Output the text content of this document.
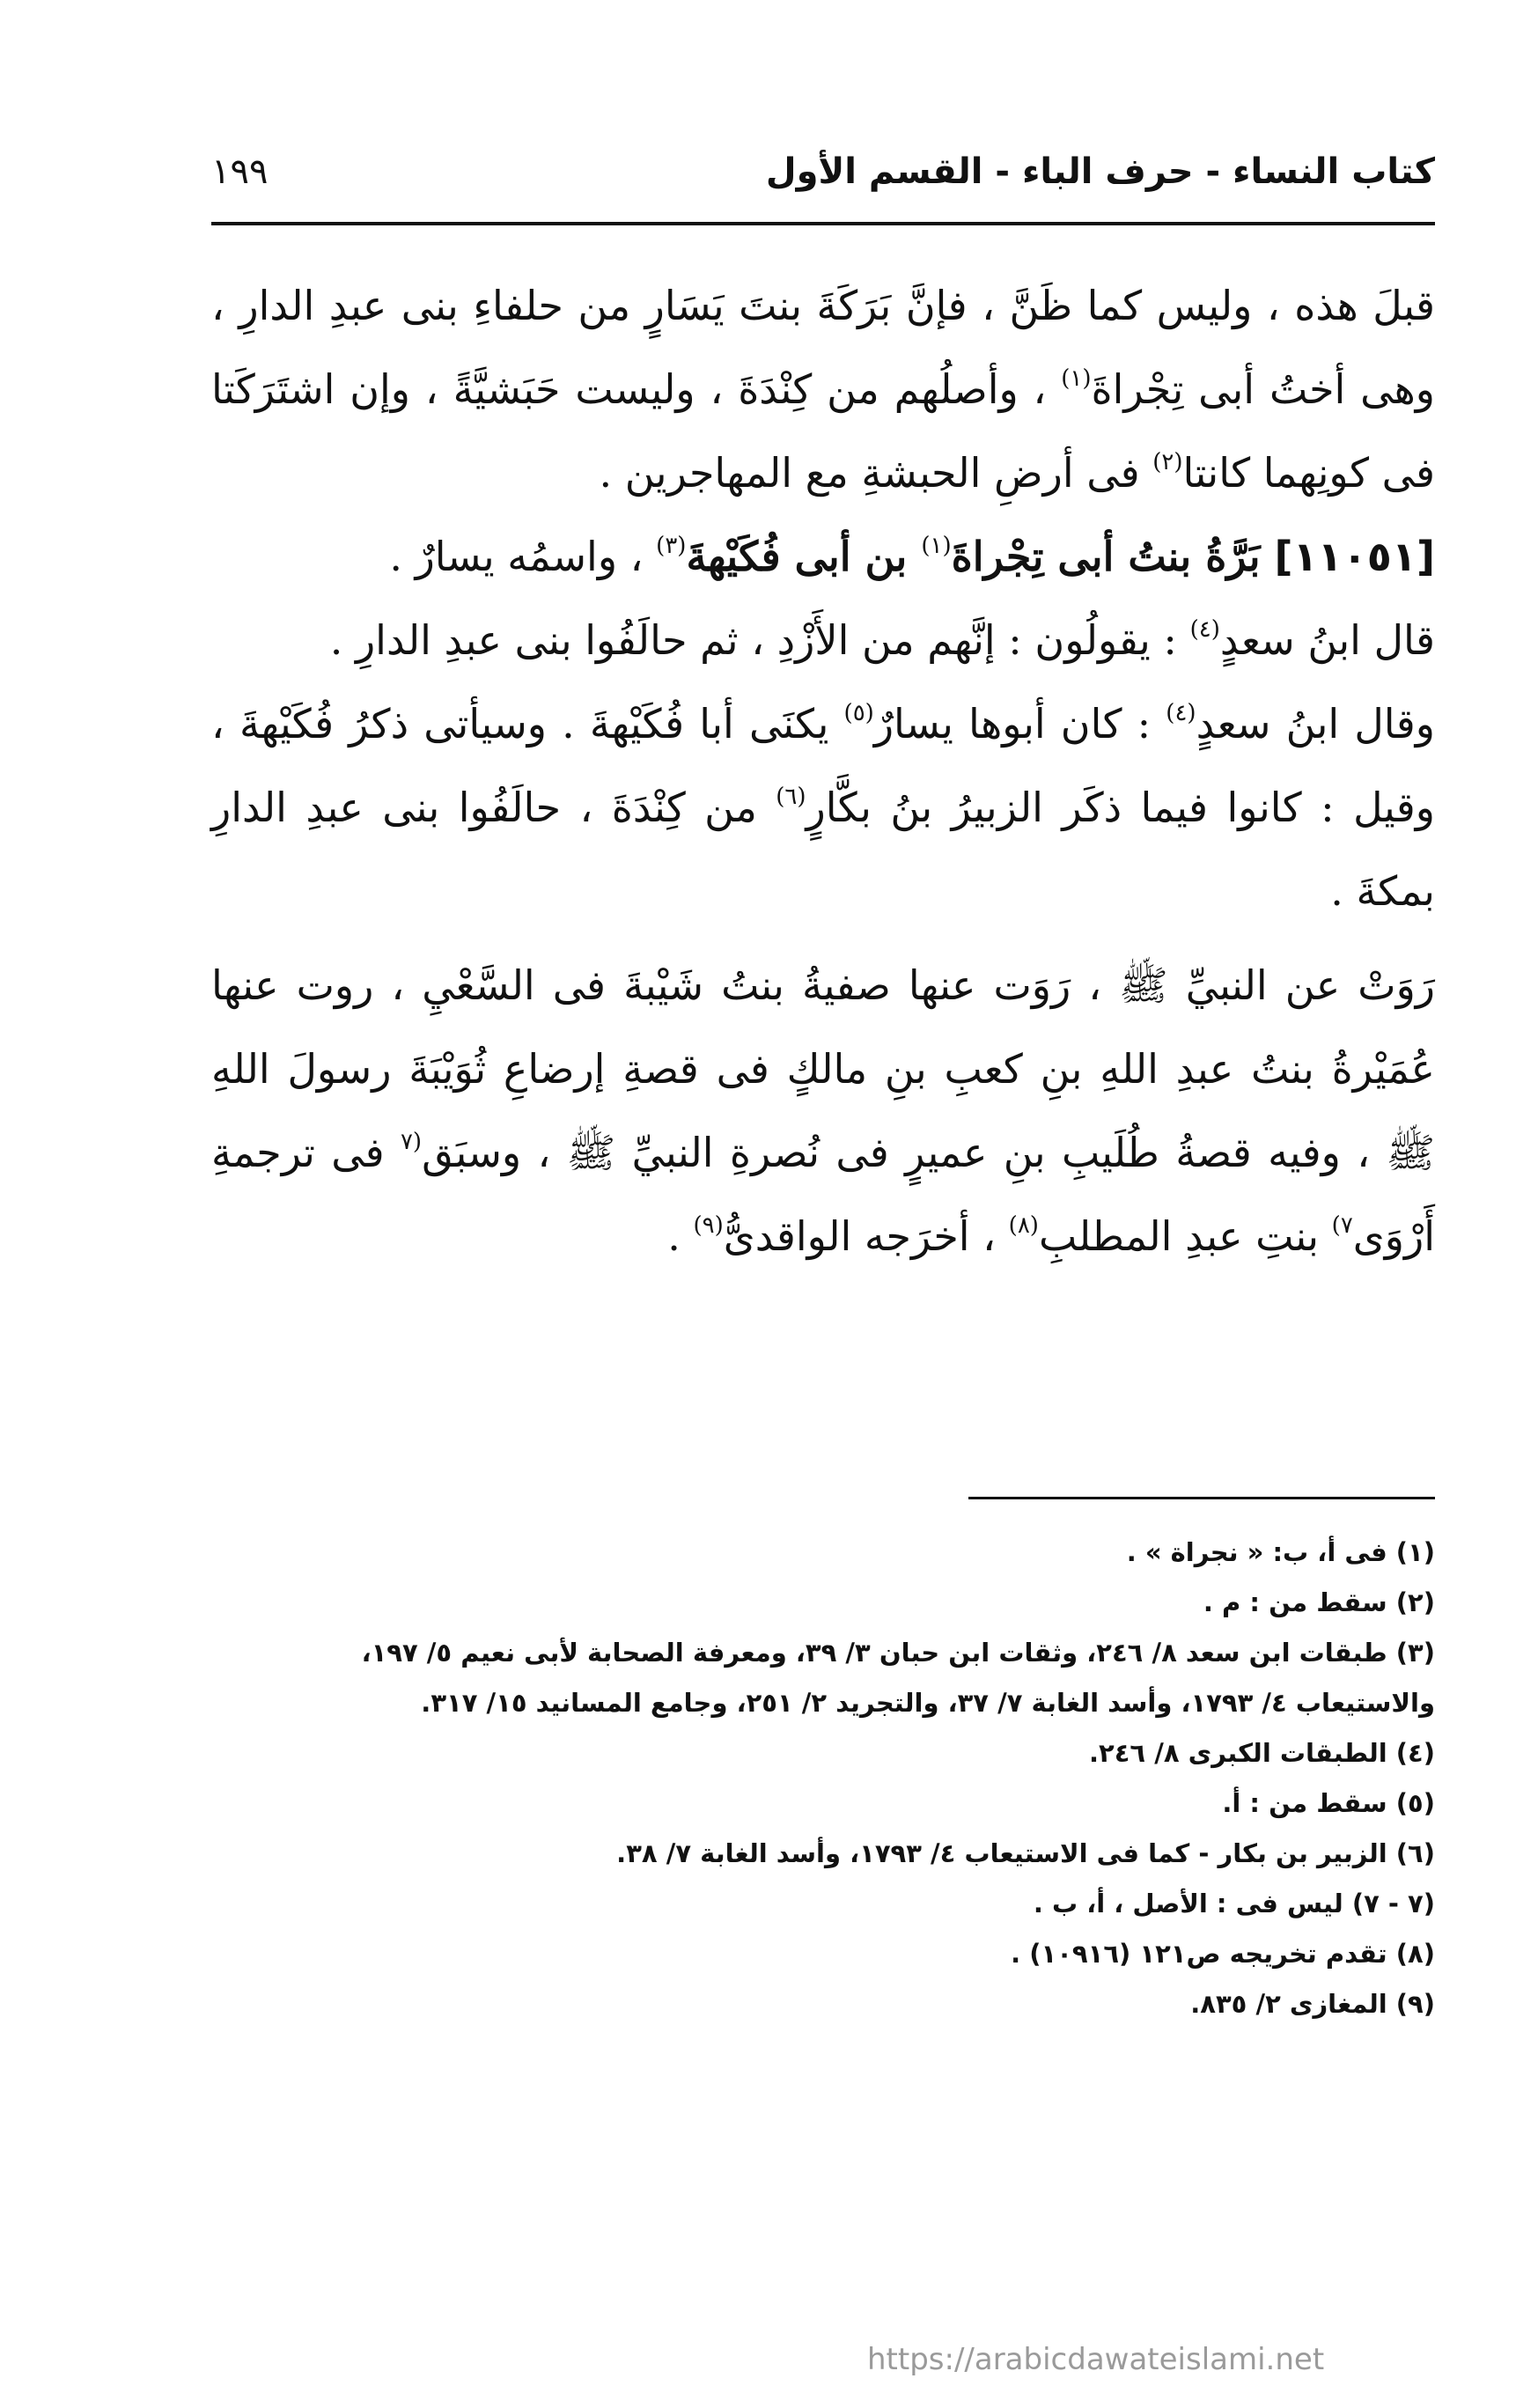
كتاب النساء - حرف الباء - القسم الأول
١٩٩

قبلَ هذه ، وليس كما ظَنَّ ، فإنَّ بَرَكَةَ بنتَ يَسَارٍ من حلفاءِ بنى عبدِ الدارِ ، وهى أختُ أبى تِجْراةَ$^{(١)}$ ، وأصلُهم من كِنْدَةَ ، وليست حَبَشيَّةً ، وإن اشتَرَكَتا فى كونِهما كانتا$^{(٢)}$ فى أرضِ الحبشةِ مع المهاجرين .

[١١٠٥١] بَرَّةُ بنتُ أبى تِجْراةَ$^{(١)}$ بن أبى فُكَيْهةَ$^{(٣)}$ ، واسمُه يسارٌ .

قال ابنُ سعدٍ$^{(٤)}$ : يقولُون : إنَّهم من الأَزْدِ ، ثم حالَفُوا بنى عبدِ الدارِ .

وقال ابنُ سعدٍ$^{(٤)}$ : كان أبوها يسارٌ$^{(٥)}$ يكنَى أبا فُكَيْهةَ . وسيأتى ذكرُ فُكَيْهةَ ، وقيل : كانوا فيما ذكَر الزبيرُ بنُ بكَّارٍ$^{(٦)}$ من كِنْدَةَ ، حالَفُوا بنى عبدِ الدارِ بمكةَ .

رَوَتْ عن النبيِّ ﷺ ، رَوَت عنها صفيةُ بنتُ شَيْبةَ فى السَّعْيِ ، روت عنها عُمَيْرةُ بنتُ عبدِ اللهِ بنِ كعبِ بنِ مالكٍ فى قصةِ إرضاعِ ثُوَيْبَةَ رسولَ اللهِ ﷺ ، وفيه قصةُ طُلَيبِ بنِ عميرٍ فى نُصرةِ النبيِّ ﷺ ، وسبَق$^{(٧}$ فى ترجمةِ أَرْوَى$^{٧)}$ بنتِ عبدِ المطلبِ$^{(٨)}$ ، أخرَجه الواقدىُّ$^{(٩)}$ .

(١) فى أ، ب: « نجراة » .

(٢) سقط من : م .

(٣) طبقات ابن سعد ٨/ ٢٤٦، وثقات ابن حبان ٣/ ٣٩، ومعرفة الصحابة لأبى نعيم ٥/ ١٩٧،

والاستيعاب ٤/ ١٧٩٣، وأسد الغابة ٧/ ٣٧، والتجريد ٢/ ٢٥١، وجامع المسانيد ١٥/ ٣١٧.

(٤) الطبقات الكبرى ٨/ ٢٤٦.

(٥) سقط من : أ.

(٦) الزبير بن بكار - كما فى الاستيعاب ٤/ ١٧٩٣، وأسد الغابة ٧/ ٣٨.

(٧ - ٧) ليس فى : الأصل ، أ، ب .

(٨) تقدم تخريجه ص١٢١ (١٠٩١٦) .

(٩) المغازى ٢/ ٨٣٥.

https://arabicdawateislami.net
